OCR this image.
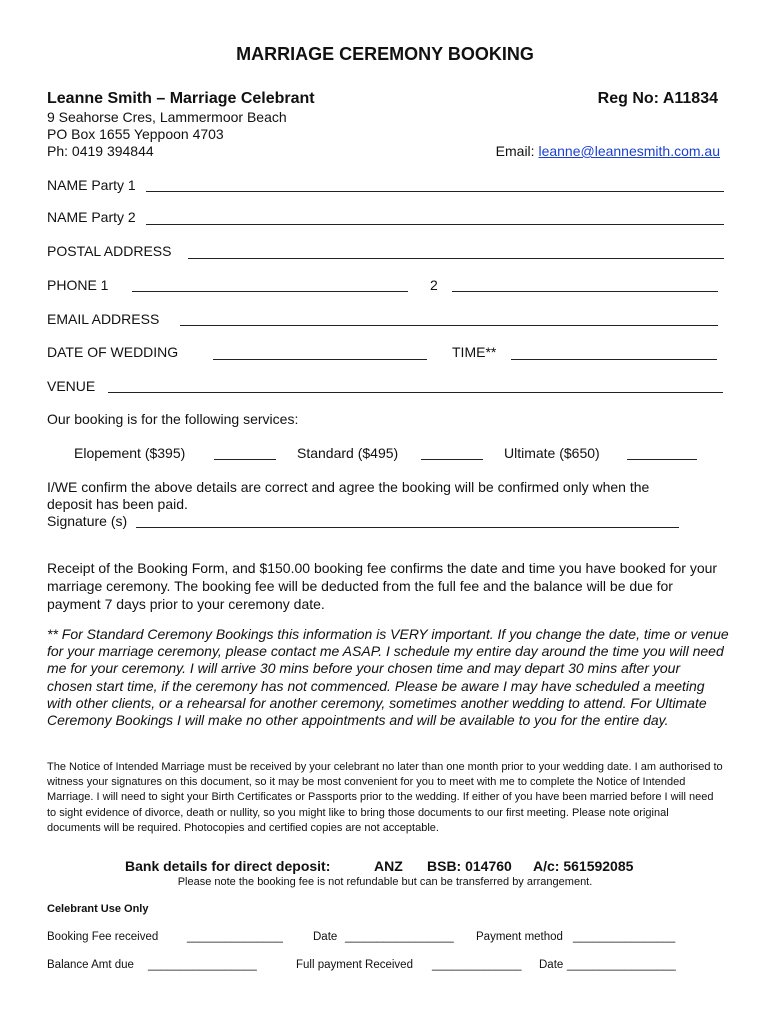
MARRIAGE CEREMONY BOOKING
Leanne Smith – Marriage Celebrant	Reg No: A11834
9 Seahorse Cres, Lammermoor Beach
PO Box 1655 Yeppoon 4703
Ph: 0419 394844	Email: leanne@leannesmith.com.au
NAME Party 1
NAME Party 2
POSTAL ADDRESS
PHONE 1	2
EMAIL ADDRESS
DATE OF WEDDING	TIME**
VENUE
Our booking is for the following services:
Elopement ($395)	Standard ($495)	Ultimate ($650)
I/WE confirm the above details are correct and agree the booking will be confirmed only when the
deposit has been paid.
Signature (s)
Receipt of the Booking Form, and $150.00 booking fee confirms the date and time you have booked for your marriage ceremony. The booking fee will be deducted from the full fee and the balance will be due for payment 7 days prior to your ceremony date.
** For Standard Ceremony Bookings this information is VERY important. If you change the date, time or venue for your marriage ceremony, please contact me ASAP. I schedule my entire day around the time you will need me for your ceremony. I will arrive 30 mins before your chosen time and may depart 30 mins after your chosen start time, if the ceremony has not commenced. Please be aware I may have scheduled a meeting with other clients, or a rehearsal for another ceremony, sometimes another wedding to attend. For Ultimate Ceremony Bookings I will make no other appointments and will be available to you for the entire day.
The Notice of Intended Marriage must be received by your celebrant no later than one month prior to your wedding date. I am authorised to witness your signatures on this document, so it may be most convenient for you to meet with me to complete the Notice of Intended Marriage. I will need to sight your Birth Certificates or Passports prior to the wedding. If either of you have been married before I will need to sight evidence of divorce, death or nullity, so you might like to bring those documents to our first meeting. Please note original documents will be required. Photocopies and certified copies are not acceptable.
Bank details for direct deposit:	ANZ BSB: 014760 A/c: 561592085
Please note the booking fee is not refundable but can be transferred by arrangement.
Celebrant Use Only
Booking Fee received	_______________	Date _________________ Payment method ________________
Balance Amt due _________________	Full payment Received ______________ Date _________________
